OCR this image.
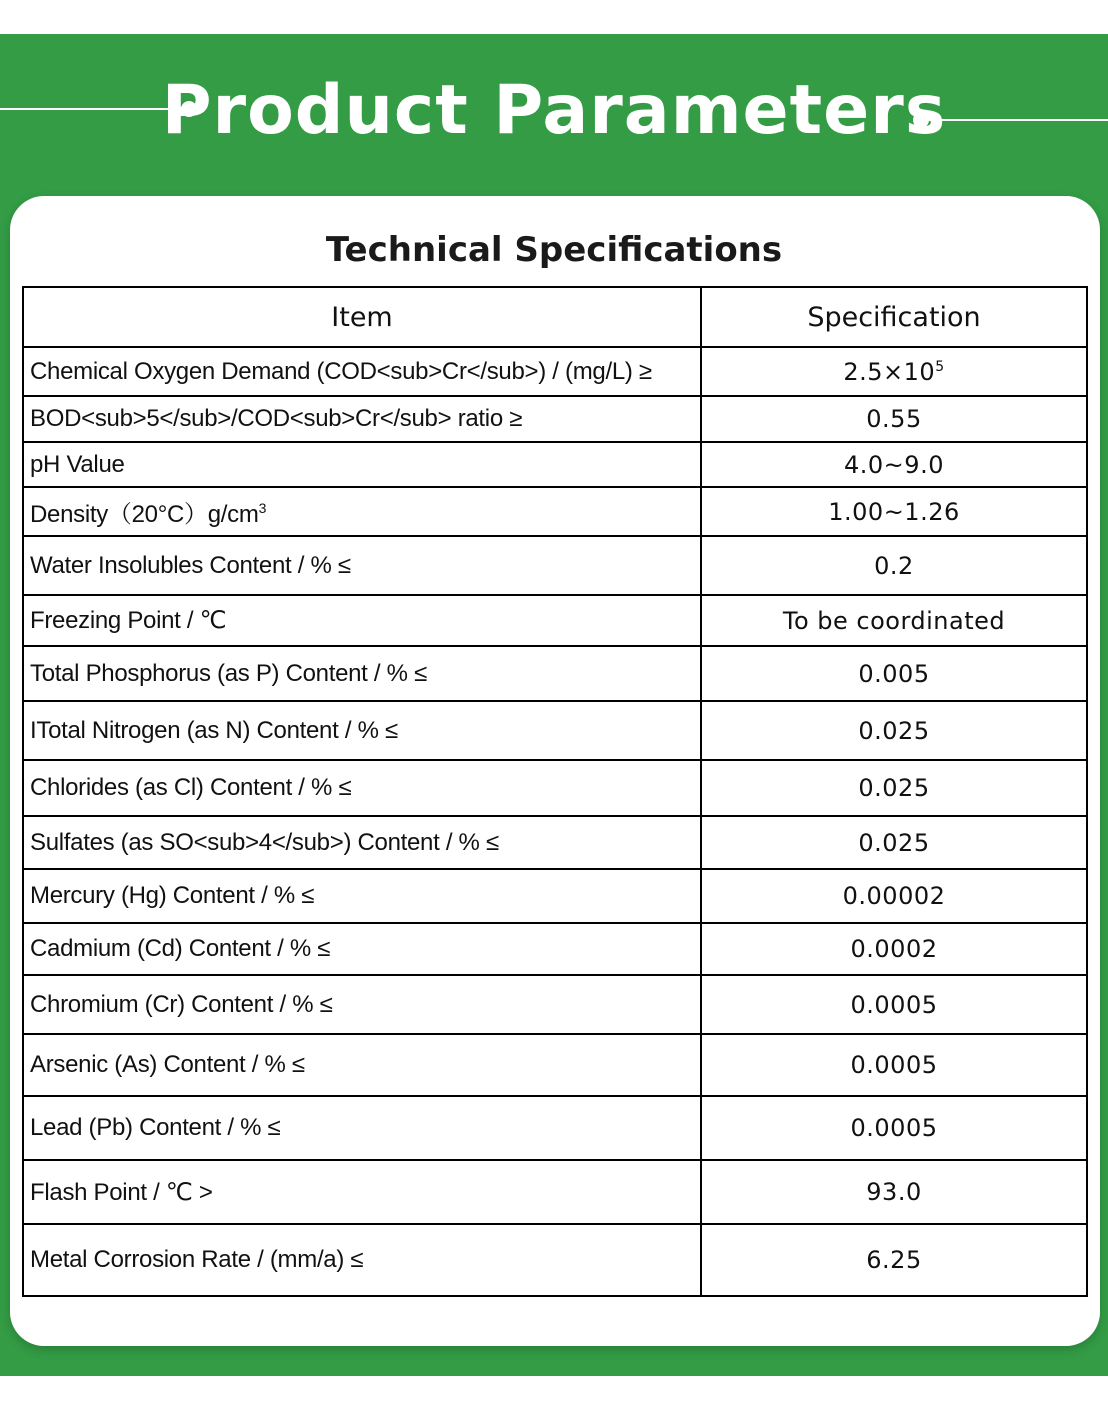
Product Parameters
Technical Specifications
Item	Specification
Chemical Oxygen Demand (COD<sub>Cr</sub>) / (mg/L) ≥	$2.5\times 10^5$
BOD<sub>5</sub>/COD<sub>Cr</sub> ratio ≥	0.55
pH Value	4.0~9.0
$Density(20^\circ C)g/cm^3$	1.00~1.26
Water Insolubles Content / % ≤	0.2
Freezing Point / ℃	To be coordinated
Total Phosphorus (as P) Content / % ≤	0.005
ITotal Nitrogen (as N) Content / % ≤	0.025
Chlorides (as Cl) Content / % ≤	0.025
Sulfates (as SO<sub>4</sub>) Content / % ≤	0.025
Mercury (Hg) Content / % ≤	0.00002
Cadmium (Cd) Content / % ≤	0.0002
Chromium (Cr) Content / % ≤	0.0005
Arsenic (As) Content / % ≤	0.0005
Lead (Pb) Content / % ≤	0.0005
Flash Point / ℃ >	93.0
Metal Corrosion Rate / (mm/a) ≤	6.25
